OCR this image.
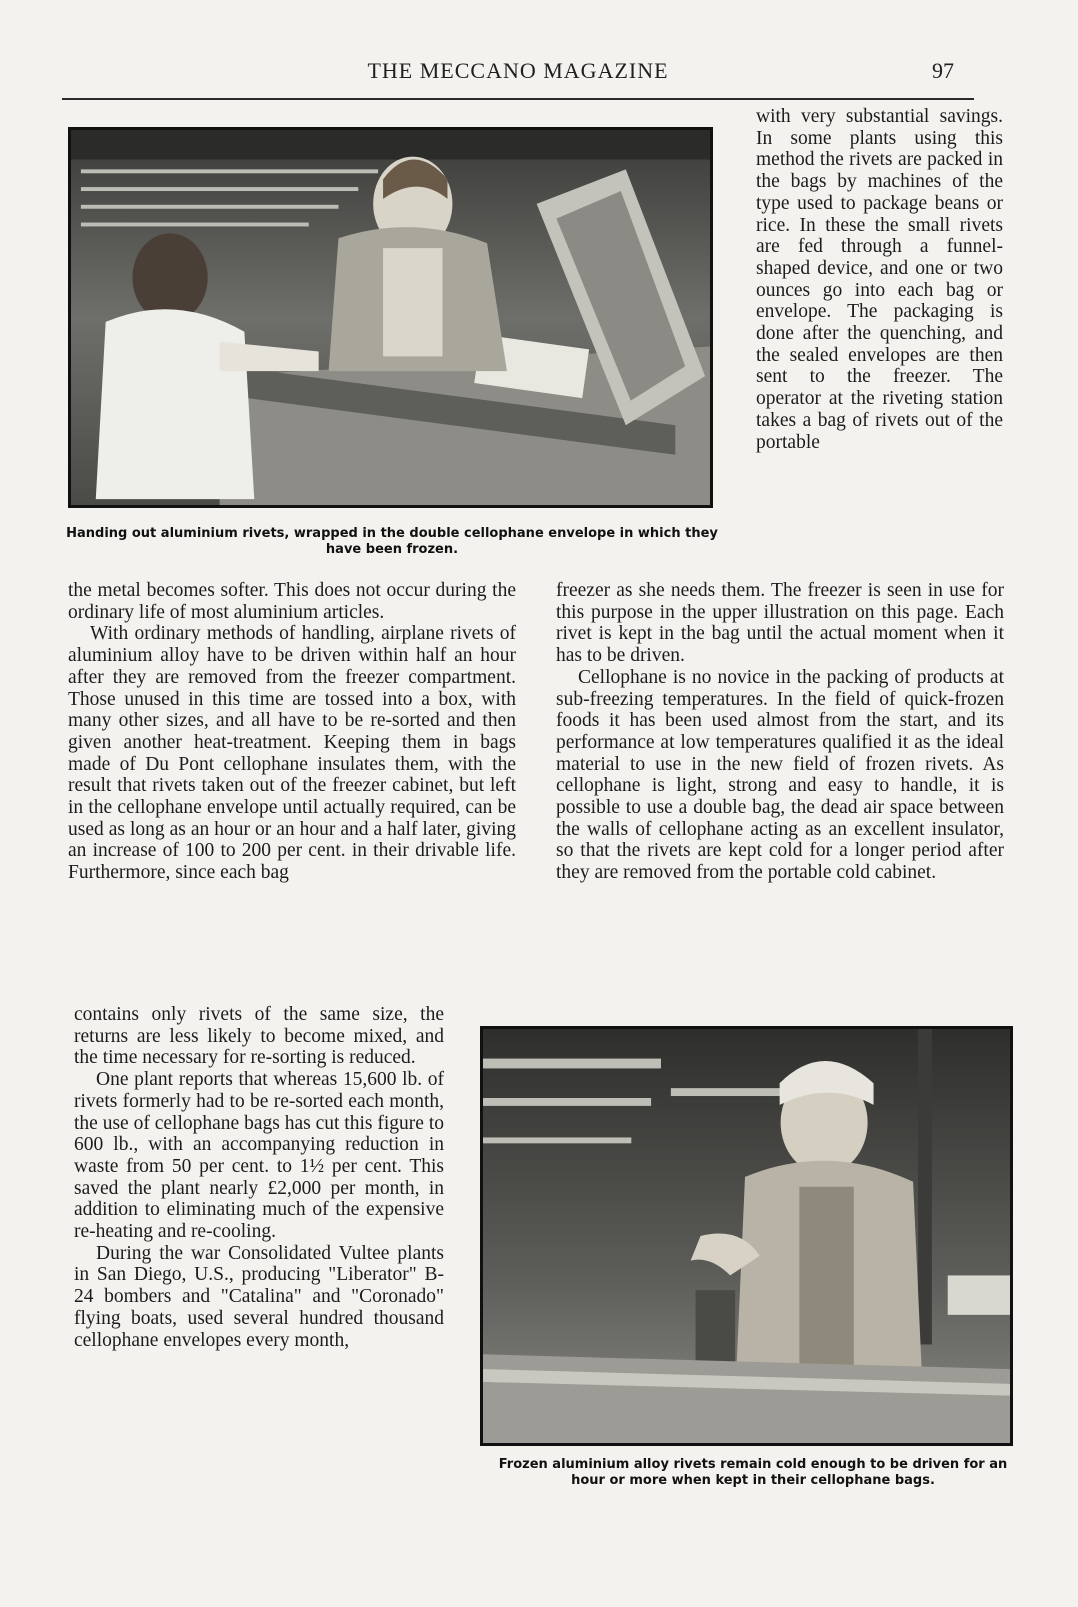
THE MECCANO MAGAZINE	97
Handing out aluminium rivets, wrapped in the double cellophane envelope in which they have been frozen.

with very substantial savings. In some plants using this method the rivets are packed in the bags by machines of the type used to package beans or rice. In these the small rivets are fed through a funnel-shaped device, and one or two ounces go into each bag or envelope. The packaging is done after the quenching, and the sealed envelopes are then sent to the freezer. The operator at the riveting station takes a bag of rivets out of the portable

the metal becomes softer. This does not occur during the ordinary life of most aluminium articles.

With ordinary methods of handling, airplane rivets of aluminium alloy have to be driven within half an hour after they are removed from the freezer compartment. Those unused in this time are tossed into a box, with many other sizes, and all have to be re-sorted and then given another heat-treatment. Keeping them in bags made of Du Pont cellophane insulates them, with the result that rivets taken out of the freezer cabinet, but left in the cellophane envelope until actually required, can be used as long as an hour or an hour and a half later, giving an increase of 100 to 200 per cent. in their drivable life. Furthermore, since each bag

freezer as she needs them. The freezer is seen in use for this purpose in the upper illustration on this page. Each rivet is kept in the bag until the actual moment when it has to be driven.

Cellophane is no novice in the packing of products at sub-freezing temperatures. In the field of quick-frozen foods it has been used almost from the start, and its performance at low temperatures qualified it as the ideal material to use in the new field of frozen rivets. As cellophane is light, strong and easy to handle, it is possible to use a double bag, the dead air space between the walls of cellophane acting as an excellent insulator, so that the rivets are kept cold for a longer period after they are removed from the portable cold cabinet.

contains only rivets of the same size, the returns are less likely to become mixed, and the time necessary for re-sorting is reduced.

One plant reports that whereas 15,600 lb. of rivets formerly had to be re-sorted each month, the use of cellophane bags has cut this figure to 600 lb., with an accompanying reduction in waste from 50 per cent. to 1½ per cent. This saved the plant nearly £2,000 per month, in addition to eliminating much of the expensive re-heating and re-cooling.

During the war Consolidated Vultee plants in San Diego, U.S., producing "Liberator" B-24 bombers and "Catalina" and "Coronado" flying boats, used several hundred thousand cellophane envelopes every month,

Frozen aluminium alloy rivets remain cold enough to be driven for an hour or more when kept in their cellophane bags.
